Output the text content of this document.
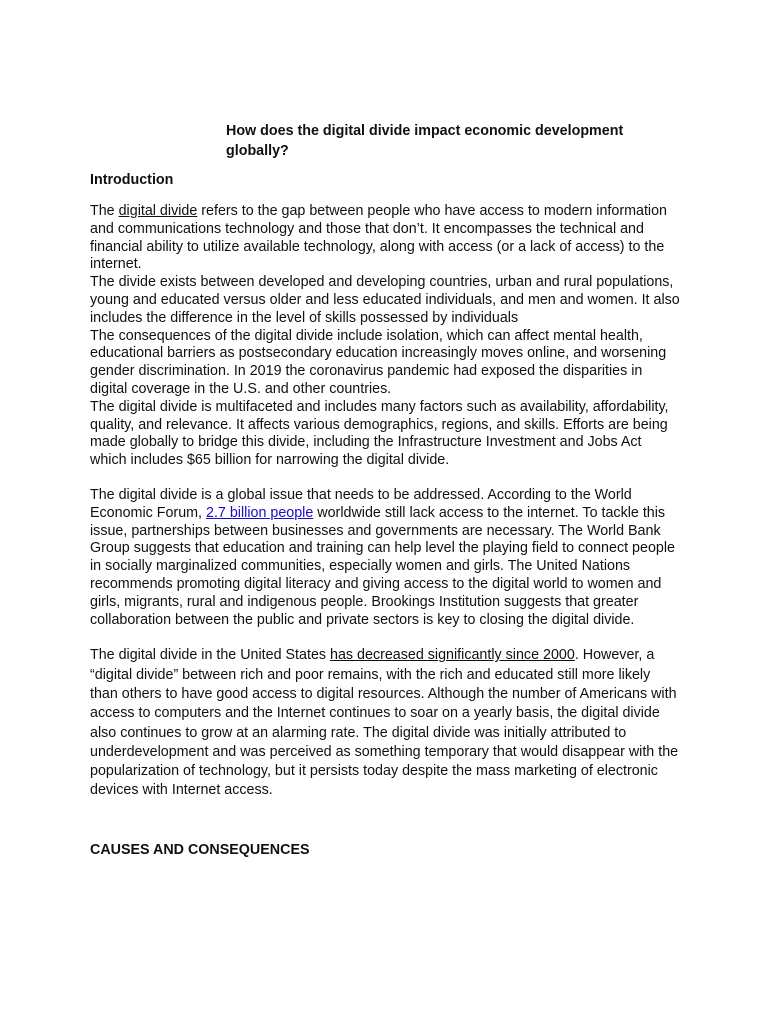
How does the digital divide impact economic development globally?
Introduction

The digital divide refers to the gap between people who have access to modern information and communications technology and those that don’t. It encompasses the technical and financial ability to utilize available technology, along with access (or a lack of access) to the internet.

The divide exists between developed and developing countries, urban and rural populations, young and educated versus older and less educated individuals, and men and women. It also includes the difference in the level of skills possessed by individuals

The consequences of the digital divide include isolation, which can affect mental health, educational barriers as postsecondary education increasingly moves online, and worsening gender discrimination. In 2019 the coronavirus pandemic had exposed the disparities in digital coverage in the U.S. and other countries.

The digital divide is multifaceted and includes many factors such as availability, affordability, quality, and relevance. It affects various demographics, regions, and skills. Efforts are being made globally to bridge this divide, including the Infrastructure Investment and Jobs Act which includes $65 billion for narrowing the digital divide.

The digital divide is a global issue that needs to be addressed. According to the World Economic Forum, 2.7 billion people worldwide still lack access to the internet. To tackle this issue, partnerships between businesses and governments are necessary. The World Bank Group suggests that education and training can help level the playing field to connect people in socially marginalized communities, especially women and girls. The United Nations recommends promoting digital literacy and giving access to the digital world to women and girls, migrants, rural and indigenous people. Brookings Institution suggests that greater collaboration between the public and private sectors is key to closing the digital divide.

The digital divide in the United States has decreased significantly since 2000. However, a “digital divide” between rich and poor remains, with the rich and educated still more likely than others to have good access to digital resources. Although the number of Americans with access to computers and the Internet continues to soar on a yearly basis, the digital divide also continues to grow at an alarming rate. The digital divide was initially attributed to underdevelopment and was perceived as something temporary that would disappear with the popularization of technology, but it persists today despite the mass marketing of electronic devices with Internet access.

CAUSES AND CONSEQUENCES
